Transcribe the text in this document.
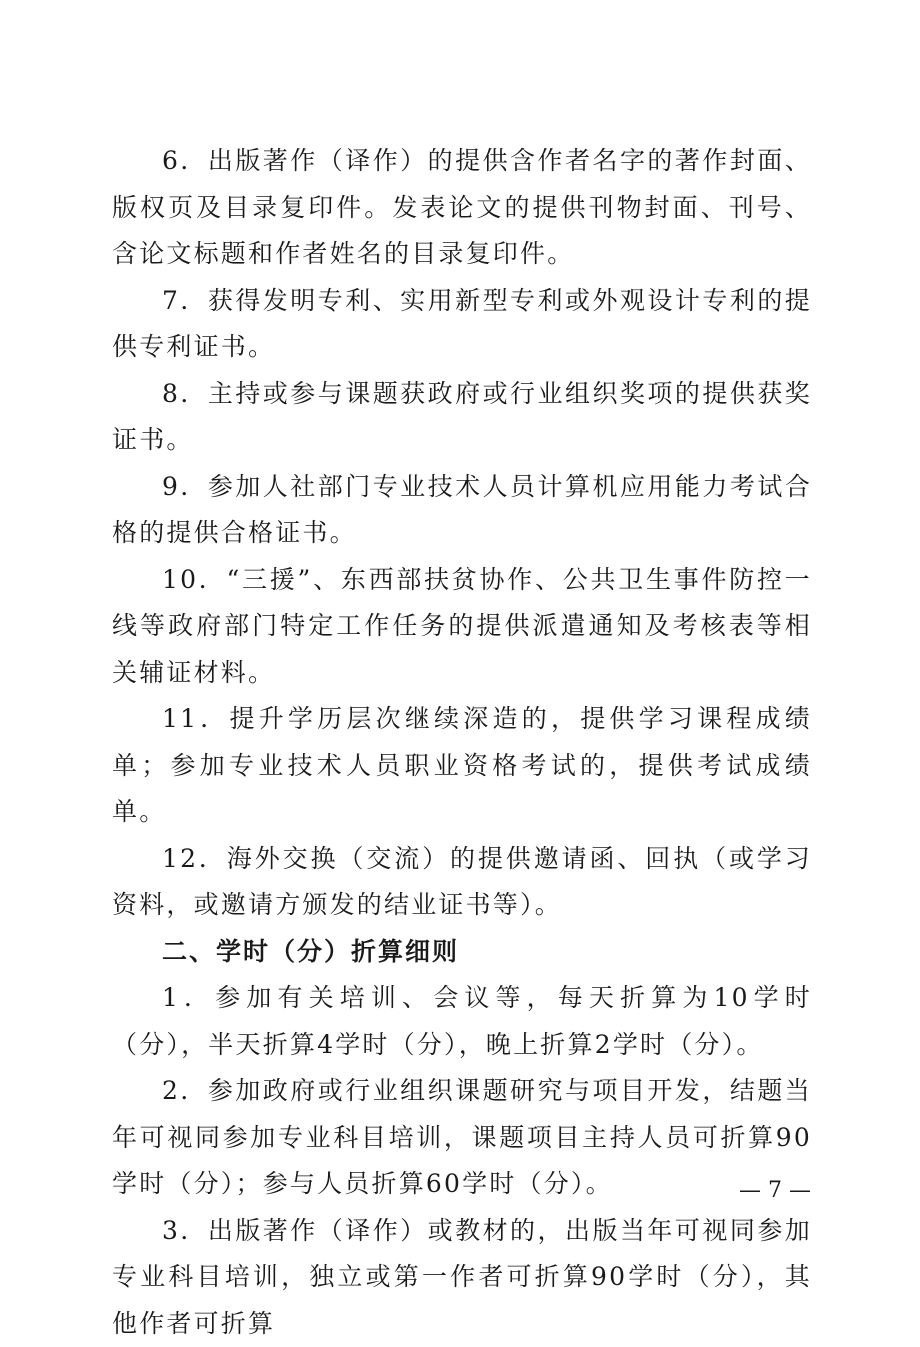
6．出版著作（译作）的提供含作者名字的著作封面、版权页及目录复印件。发表论文的提供刊物封面、刊号、含论文标题和作者姓名的目录复印件。

7．获得发明专利、实用新型专利或外观设计专利的提供专利证书。

8．主持或参与课题获政府或行业组织奖项的提供获奖证书。

9．参加人社部门专业技术人员计算机应用能力考试合格的提供合格证书。

10．“三援”、东西部扶贫协作、公共卫生事件防控一线等政府部门特定工作任务的提供派遣通知及考核表等相关辅证材料。

11．提升学历层次继续深造的，提供学习课程成绩单；参加专业技术人员职业资格考试的，提供考试成绩单。

12．海外交换（交流）的提供邀请函、回执（或学习资料，或邀请方颁发的结业证书等）。

二、学时（分）折算细则

1．参加有关培训、会议等，每天折算为10学时（分），半天折算4学时（分），晚上折算2学时（分）。

2．参加政府或行业组织课题研究与项目开发，结题当年可视同参加专业科目培训，课题项目主持人员可折算90学时（分）；参与人员折算60学时（分）。

3．出版著作（译作）或教材的，出版当年可视同参加专业科目培训，独立或第一作者可折算90学时（分），其他作者可折算

— 7 —
